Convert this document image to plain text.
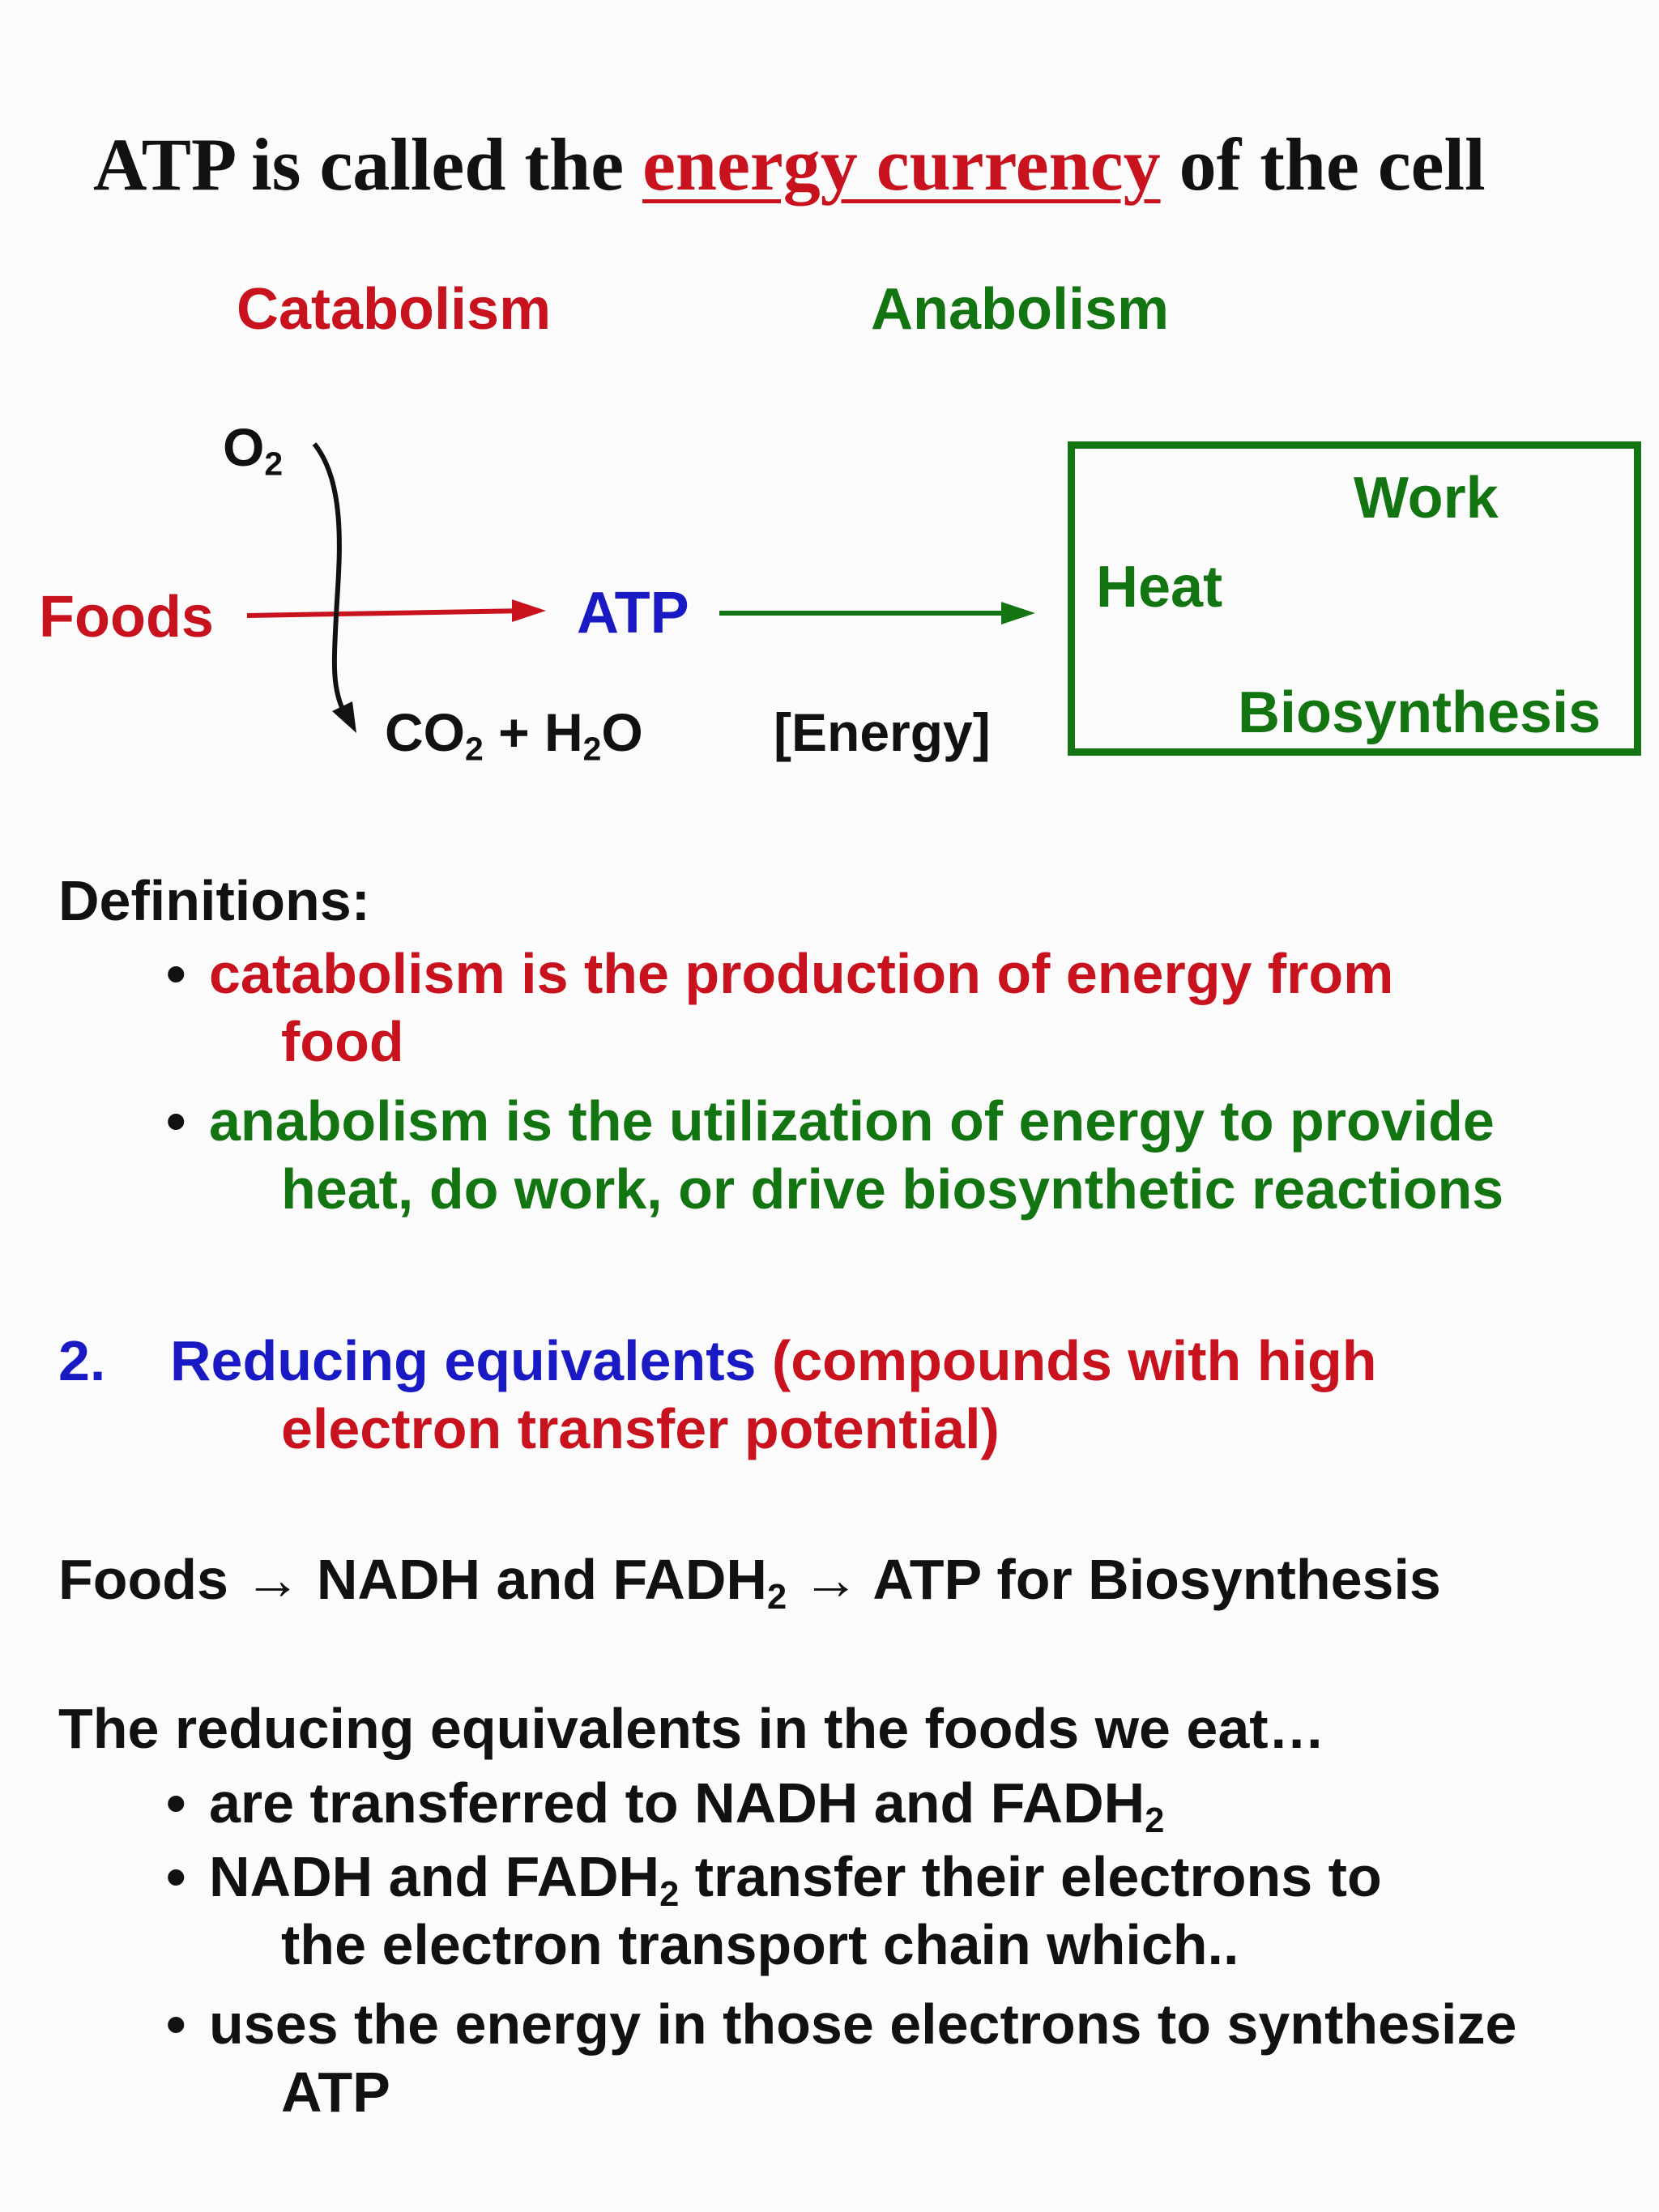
ATP is called the energy currency of the cell
Catabolism	Anabolism
$O_2$
Foods	ATP
$CO_2 + H_2O$ [Energy]
Work
Heat
Biosynthesis
Definitions:
• catabolism is the production of energy from
food
• anabolism is the utilization of energy to provide
heat, do work, or drive biosynthetic reactions
2. Reducing equivalents (compounds with high
electron transfer potential)
Foods → NADH and $FADH_2$ → ATP for Biosynthesis
The reducing equivalents in the foods we eat…
• are transferred to NADH and $FADH_2$
• NADH and $FADH_2$ transfer their electrons to
the electron transport chain which..
• uses the energy in those electrons to synthesize
ATP
